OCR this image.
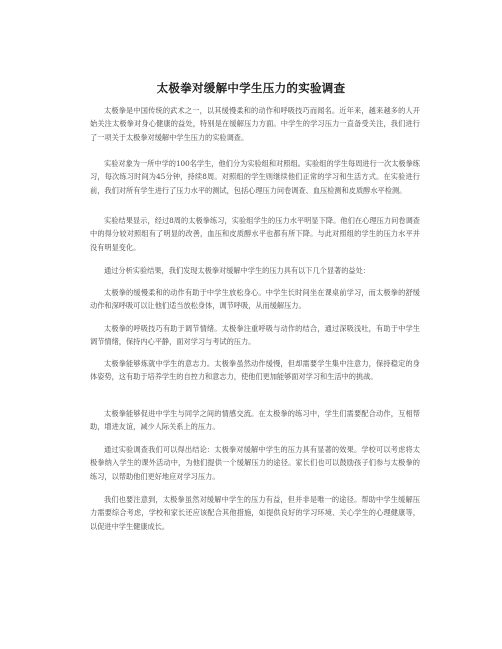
太极拳对缓解中学生压力的实验调查

太极拳是中国传统的武术之一，以其缓慢柔和的动作和呼吸技巧而闻名。近年来，越来越多的人开始关注太极拳对身心健康的益处，特别是在缓解压力方面。中学生的学习压力一直备受关注，我们进行了一项关于太极拳对缓解中学生压力的实验调查。

实验对象为一所中学的100名学生，他们分为实验组和对照组。实验组的学生每周进行一次太极拳练习，每次练习时间为45分钟，持续8周。对照组的学生则继续他们正常的学习和生活方式。在实验进行前，我们对所有学生进行了压力水平的测试，包括心理压力问卷调查、血压检测和皮质醇水平检测。

实验结果显示，经过8周的太极拳练习，实验组学生的压力水平明显下降。他们在心理压力问卷调查中的得分较对照组有了明显的改善，血压和皮质醇水平也都有所下降。与此对照组的学生的压力水平并没有明显变化。

通过分析实验结果，我们发现太极拳对缓解中学生的压力具有以下几个显著的益处：

太极拳的缓慢柔和的动作有助于中学生放松身心。中学生长时间坐在课桌前学习，而太极拳的舒缓动作和深呼吸可以让他们适当放松身体，调节呼吸，从而缓解压力。

太极拳的呼吸技巧有助于调节情绪。太极拳注重呼吸与动作的结合，通过深吸浅吐，有助于中学生调节情绪，保持内心平静，面对学习与考试的压力。

太极拳能够炼就中学生的意志力。太极拳虽然动作缓慢，但却需要学生集中注意力，保持稳定的身体姿势，这有助于培养学生的自控力和意志力，使他们更加能够面对学习和生活中的挑战。

太极拳能够促进中学生与同学之间的情感交流。在太极拳的练习中，学生们需要配合动作，互相帮助，增进友谊，减少人际关系上的压力。

通过实验调查我们可以得出结论：太极拳对缓解中学生的压力具有显著的效果。学校可以考虑将太极拳纳入学生的课外活动中，为他们提供一个缓解压力的途径。家长们也可以鼓励孩子们参与太极拳的练习，以帮助他们更好地应对学习压力。

我们也要注意到，太极拳虽然对缓解中学生的压力有益，但并非是唯一的途径。帮助中学生缓解压力需要综合考虑，学校和家长还应该配合其他措施，如提供良好的学习环境、关心学生的心理健康等，以促进中学生健康成长。
